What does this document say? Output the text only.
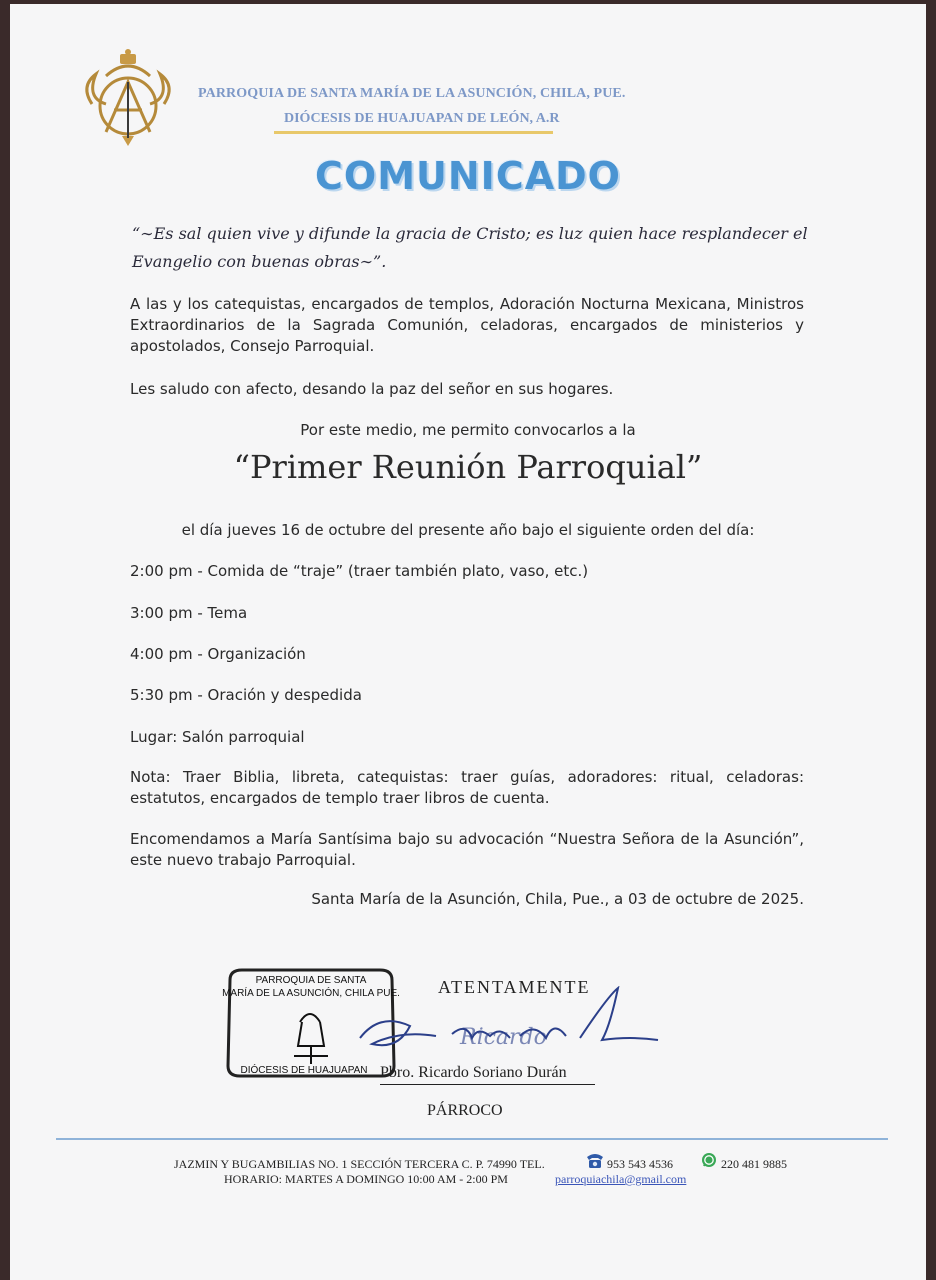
PARROQUIA DE SANTA MARÍA DE LA ASUNCIÓN, CHILA, PUE.
DIÓCESIS DE HUAJUAPAN DE LEÓN, A.R
COMUNICADO
“∼Es sal quien vive y difunde la gracia de Cristo; es luz quien hace resplandecer el Evangelio con buenas obras∼”.
A las y los catequistas, encargados de templos, Adoración Nocturna Mexicana, Ministros Extraordinarios de la Sagrada Comunión, celadoras, encargados de ministerios y apostolados, Consejo Parroquial.
Les saludo con afecto, desando la paz del señor en sus hogares.
Por este medio, me permito convocarlos a la
“Primer Reunión Parroquial”
el día jueves 16 de octubre del presente año bajo el siguiente orden del día:
2:00 pm - Comida de “traje” (traer también plato, vaso, etc.)
3:00 pm - Tema
4:00 pm - Organización
5:30 pm - Oración y despedida
Lugar: Salón parroquial
Nota: Traer Biblia, libreta, catequistas: traer guías, adoradores: ritual, celadoras: estatutos, encargados de templo traer libros de cuenta.
Encomendamos a María Santísima bajo su advocación “Nuestra Señora de la Asunción”, este nuevo trabajo Parroquial.
Santa María de la Asunción, Chila, Pue., a 03 de octubre de 2025.
ATENTAMENTE
PARROQUIA DE SANTA
MARÍA DE LA ASUNCIÓN, CHILA PUE.
DIÓCESIS DE HUAJUAPAN
Ricardo
Pbro. Ricardo Soriano Durán
PÁRROCO
JAZMIN Y BUGAMBILIAS NO. 1 SECCIÓN TERCERA C. P. 74990 TEL.	953 543 4536	220 481 9885
HORARIO: MARTES A DOMINGO 10:00 AM - 2:00 PM	parroquiachila@gmail.com
